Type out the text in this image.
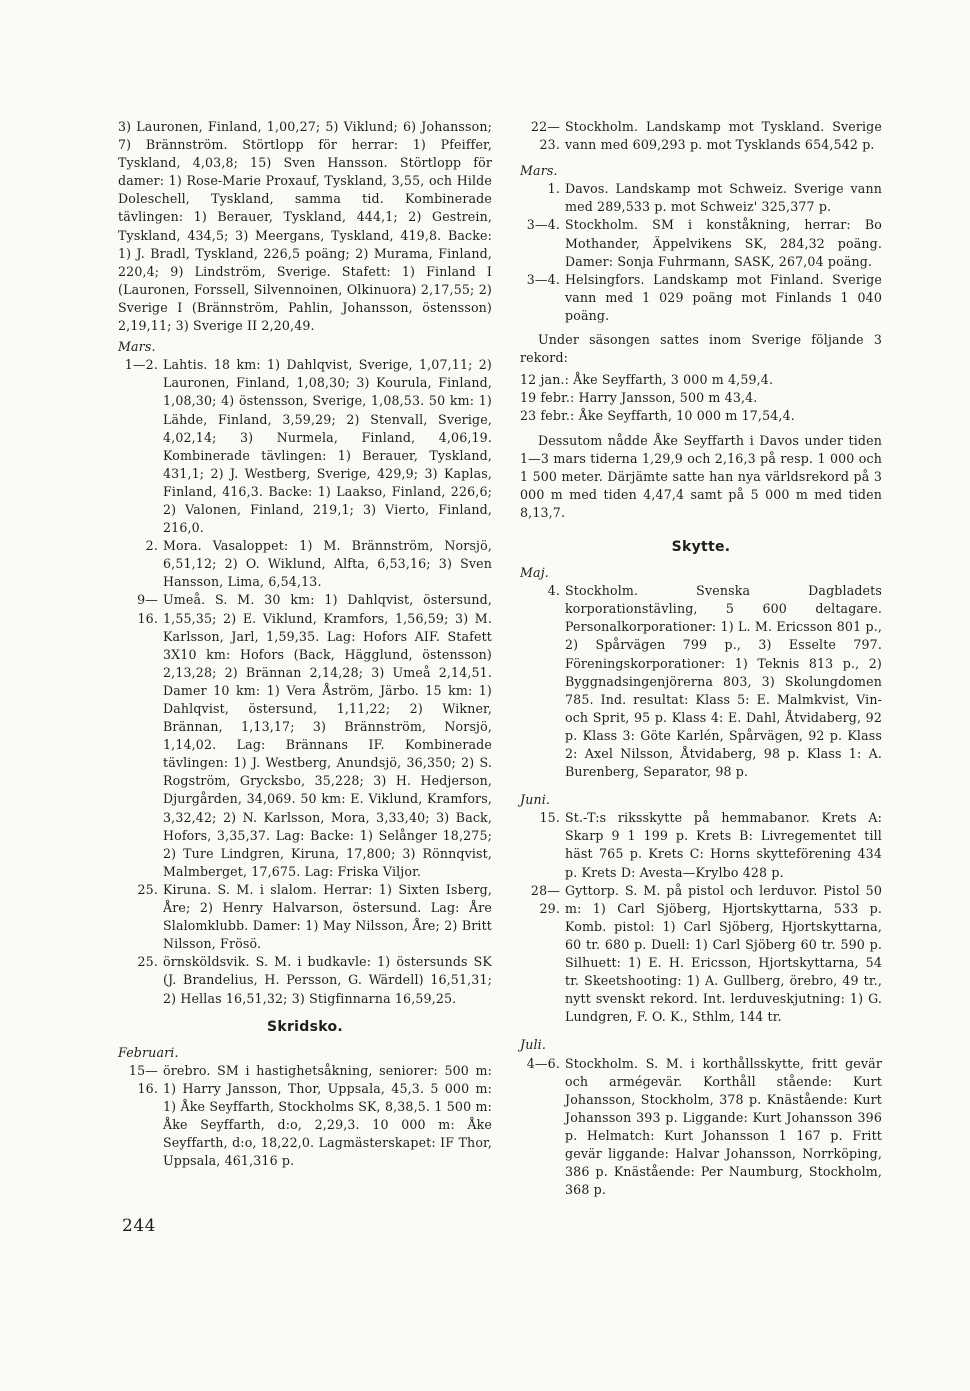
3) Lauronen, Finland, 1,00,27; 5) Viklund; 6) Johansson; 7) Brännström. Störtlopp för herrar: 1) Pfeiffer, Tyskland, 4,03,8; 15) Sven Hansson. Störtlopp för damer: 1) Rose-Marie Proxauf, Tyskland, 3,55, och Hilde Doleschell, Tyskland, samma tid. Kombinerade tävlingen: 1) Berauer, Tyskland, 444,1; 2) Gestrein, Tyskland, 434,5; 3) Meergans, Tyskland, 419,8. Backe: 1) J. Bradl, Tyskland, 226,5 poäng; 2) Murama, Finland, 220,4; 9) Lindström, Sverige. Stafett: 1) Finland I (Lauronen, Forssell, Silvennoinen, Olkinuora) 2,17,55; 2) Sverige I (Brännström, Pahlin, Johansson, östensson) 2,19,11; 3) Sverige II 2,20,49.
Mars.
1—2. Lahtis. 18 km: 1) Dahlqvist, Sverige, 1,07,11; 2) Lauronen, Finland, 1,08,30; 3) Kourula, Finland, 1,08,30; 4) östensson, Sverige, 1,08,53. 50 km: 1) Lähde, Finland, 3,59,29; 2) Stenvall, Sverige, 4,02,14; 3) Nurmela, Finland, 4,06,19. Kombinerade tävlingen: 1) Berauer, Tyskland, 431,1; 2) J. Westberg, Sverige, 429,9; 3) Kaplas, Finland, 416,3. Backe: 1) Laakso, Finland, 226,6; 2) Valonen, Finland, 219,1; 3) Vierto, Finland, 216,0.
2. Mora. Vasaloppet: 1) M. Brännström, Norsjö, 6,51,12; 2) O. Wiklund, Alfta, 6,53,16; 3) Sven Hansson, Lima, 6,54,13.
9—16.
Umeå. S. M. 30 km: 1) Dahlqvist, östersund, 1,55,35; 2) E. Viklund, Kramfors, 1,56,59; 3) M. Karlsson, Jarl, 1,59,35. Lag: Hofors AIF. Stafett 3X10 km: Hofors (Back, Hägglund, östensson) 2,13,28; 2) Brännan 2,14,28; 3) Umeå 2,14,51. Damer 10 km: 1) Vera Åström, Järbo. 15 km: 1) Dahlqvist, östersund, 1,11,22; 2) Wikner, Brännan, 1,13,17; 3) Brännström, Norsjö, 1,14,02. Lag: Brännans IF. Kombinerade tävlingen: 1) J. Westberg, Anundsjö, 36,350; 2) S. Rogström, Grycksbo, 35,228; 3) H. Hedjerson, Djurgården, 34,069. 50 km: E. Viklund, Kramfors, 3,32,42; 2) N. Karlsson, Mora, 3,33,40; 3) Back, Hofors, 3,35,37. Lag: Backe: 1) Selånger 18,275; 2) Ture Lindgren, Kiruna, 17,800; 3) Rönnqvist, Malmberget, 17,675. Lag: Friska Viljor.
25. Kiruna. S. M. i slalom. Herrar: 1) Sixten Isberg, Åre; 2) Henry Halvarson, östersund. Lag: Åre Slalomklubb. Damer: 1) May Nilsson, Åre; 2) Britt Nilsson, Frösö.
25. örnsköldsvik. S. M. i budkavle: 1) östersunds SK (J. Brandelius, H. Persson, G. Wärdell) 16,51,31; 2) Hellas 16,51,32; 3) Stigfinnarna 16,59,25.
Skridsko.
Februari.
15—16.
örebro. SM i hastighetsåkning, seniorer: 500 m: 1) Harry Jansson, Thor, Uppsala, 45,3. 5 000 m: 1) Åke Seyffarth, Stockholms SK, 8,38,5. 1 500 m: Åke Seyffarth, d:o, 2,29,3. 10 000 m: Åke Seyffarth, d:o, 18,22,0. Lagmästerskapet: IF Thor, Uppsala, 461,316 p.
22—23.
Stockholm. Landskamp mot Tyskland. Sverige vann med 609,293 p. mot Tysklands 654,542 p.
Mars.
1. Davos. Landskamp mot Schweiz. Sverige vann med 289,533 p. mot Schweiz' 325,377 p.
3—4. Stockholm. SM i konståkning, herrar: Bo Mothander, Äppelvikens SK, 284,32 poäng. Damer: Sonja Fuhrmann, SASK, 267,04 poäng.
3—4. Helsingfors. Landskamp mot Finland. Sverige vann med 1 029 poäng mot Finlands 1 040 poäng.
Under säsongen sattes inom Sverige följande 3 rekord:
12 jan.: Åke Seyffarth, 3 000 m 4,59,4.
19 febr.: Harry Jansson, 500 m 43,4.
23 febr.: Åke Seyffarth, 10 000 m 17,54,4.
Dessutom nådde Åke Seyffarth i Davos under tiden 1—3 mars tiderna 1,29,9 och 2,16,3 på resp. 1 000 och 1 500 meter. Därjämte satte han nya världsrekord på 3 000 m med tiden 4,47,4 samt på 5 000 m med tiden 8,13,7.
Skytte.
Maj.
4. Stockholm. Svenska Dagbladets korporationstävling, 5 600 deltagare. Personalkorporationer: 1) L. M. Ericsson 801 p., 2) Spårvägen 799 p., 3) Esselte 797. Föreningskorporationer: 1) Teknis 813 p., 2) Byggnadsingenjörerna 803, 3) Skolungdomen 785. Ind. resultat: Klass 5: E. Malmkvist, Vin- och Sprit, 95 p. Klass 4: E. Dahl, Åtvidaberg, 92 p. Klass 3: Göte Karlén, Spårvägen, 92 p. Klass 2: Axel Nilsson, Åtvidaberg, 98 p. Klass 1: A. Burenberg, Separator, 98 p.
Juni.
15. St.-T:s riksskytte på hemmabanor. Krets A: Skarp 9 1 199 p. Krets B: Livregementet till häst 765 p. Krets C: Horns skytteförening 434 p. Krets D: Avesta—Krylbo 428 p.
28—29.
Gyttorp. S. M. på pistol och lerduvor. Pistol 50 m: 1) Carl Sjöberg, Hjortskyttarna, 533 p. Komb. pistol: 1) Carl Sjöberg, Hjortskyttarna, 60 tr. 680 p. Duell: 1) Carl Sjöberg 60 tr. 590 p. Silhuett: 1) E. H. Ericsson, Hjortskyttarna, 54 tr. Skeetshooting: 1) A. Gullberg, örebro, 49 tr., nytt svenskt rekord. Int. lerduveskjutning: 1) G. Lundgren, F. O. K., Sthlm, 144 tr.
Juli.
4—6. Stockholm. S. M. i korthållsskytte, fritt gevär och armégevär. Korthåll stående: Kurt Johansson, Stockholm, 378 p. Knästående: Kurt Johansson 393 p. Liggande: Kurt Johansson 396 p. Helmatch: Kurt Johansson 1 167 p. Fritt gevär liggande: Halvar Johansson, Norrköping, 386 p. Knästående: Per Naumburg, Stockholm, 368 p.
244
